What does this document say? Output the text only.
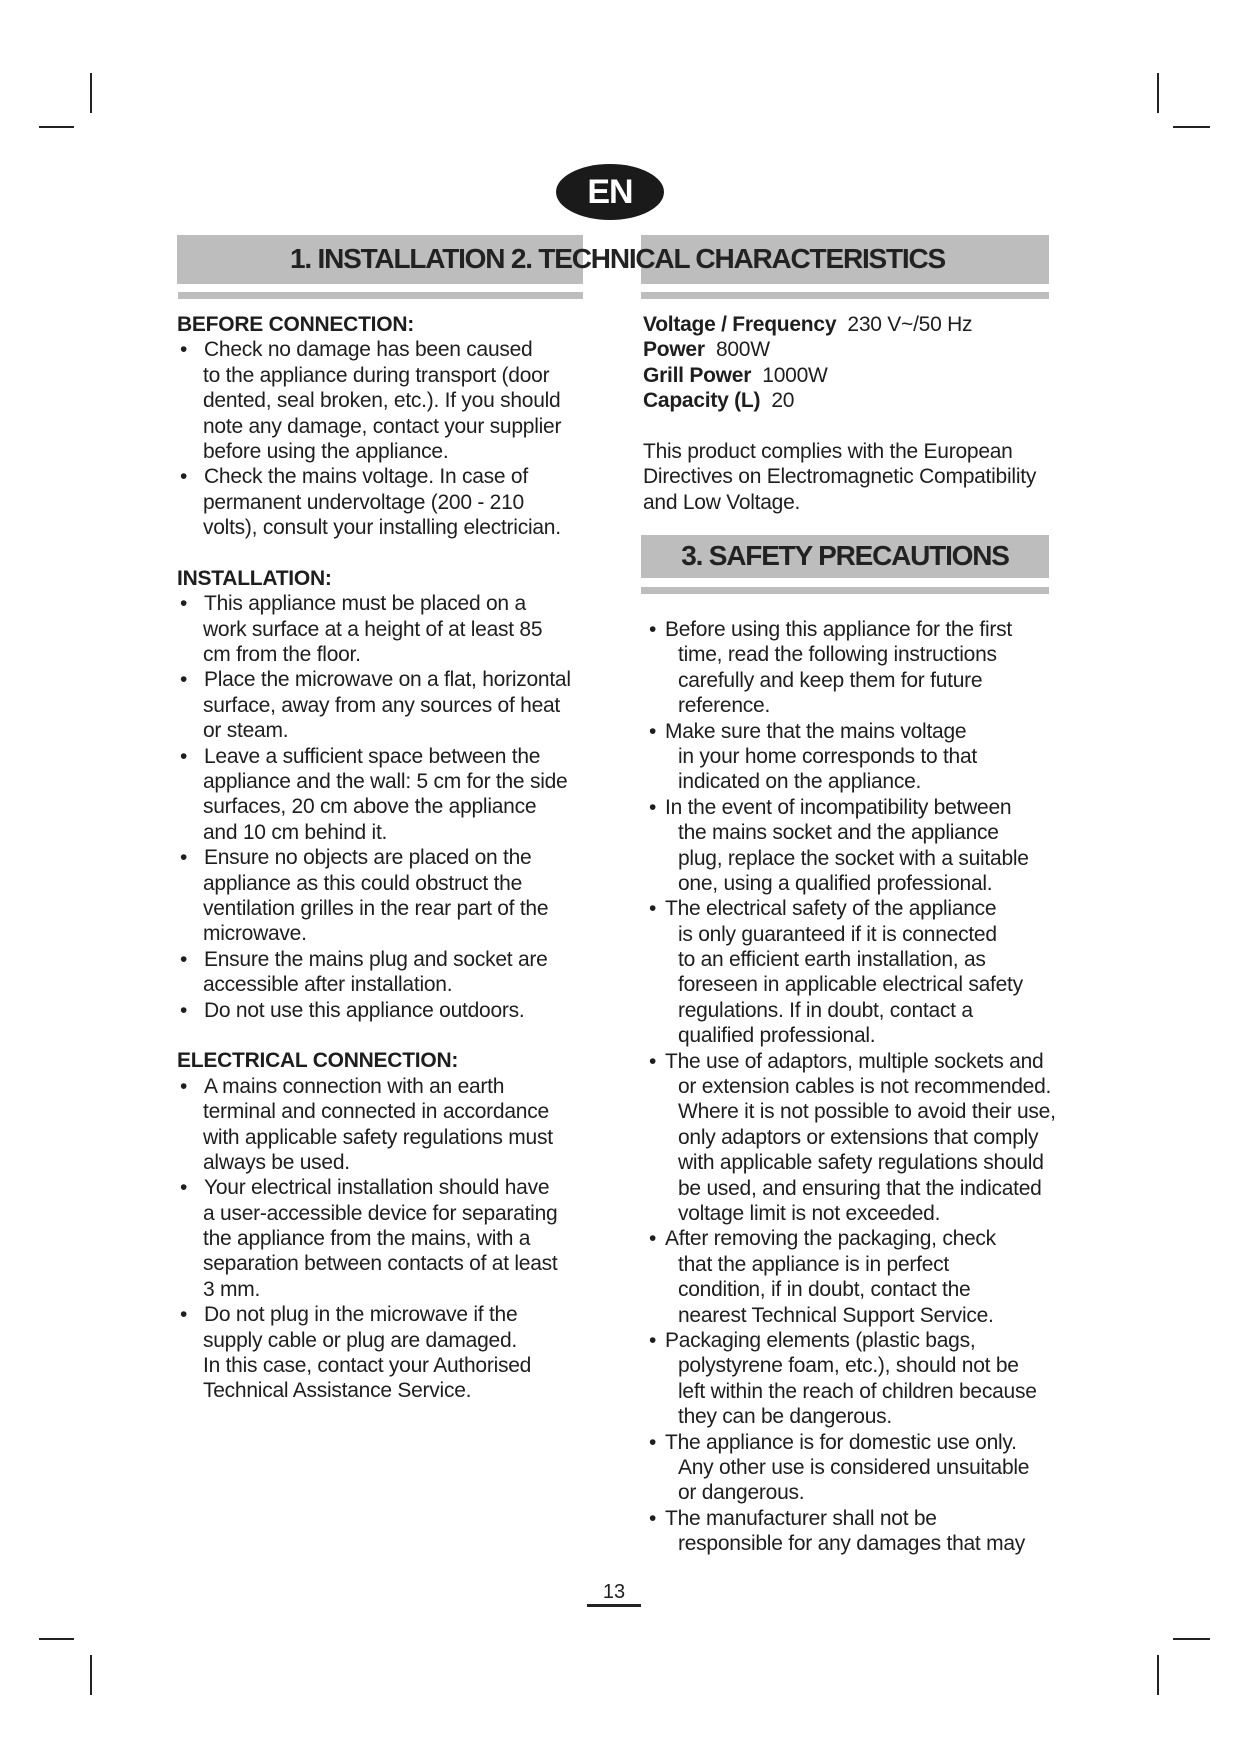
EN
1. INSTALLATION 2. TECHNICAL CHARACTERISTICS
3. SAFETY PRECAUTIONS
BEFORE CONNECTION:
• Check no damage has been caused
to the appliance during transport (door
dented, seal broken, etc.). If you should
note any damage, contact your supplier
before using the appliance.
• Check the mains voltage. In case of
permanent undervoltage (200 - 210
volts), consult your installing electrician.
INSTALLATION:
• This appliance must be placed on a
work surface at a height of at least 85
cm from the floor.
• Place the microwave on a flat, horizontal
surface, away from any sources of heat
or steam.
• Leave a sufficient space between the
appliance and the wall: 5 cm for the side
surfaces, 20 cm above the appliance
and 10 cm behind it.
• Ensure no objects are placed on the
appliance as this could obstruct the
ventilation grilles in the rear part of the
microwave.
• Ensure the mains plug and socket are
accessible after installation.
• Do not use this appliance outdoors.
ELECTRICAL CONNECTION:
• A mains connection with an earth
terminal and connected in accordance
with applicable safety regulations must
always be used.
• Your electrical installation should have
a user-accessible device for separating
the appliance from the mains, with a
separation between contacts of at least
3 mm.
• Do not plug in the microwave if the
supply cable or plug are damaged.
In this case, contact your Authorised
Technical Assistance Service.
Voltage / Frequency 230 V~/50 Hz
Power 800W
Grill Power 1000W
Capacity (L) 20
This product complies with the European
Directives on Electromagnetic Compatibility
and Low Voltage.
• Before using this appliance for the first
time, read the following instructions
carefully and keep them for future
reference.
• Make sure that the mains voltage
in your home corresponds to that
indicated on the appliance.
• In the event of incompatibility between
the mains socket and the appliance
plug, replace the socket with a suitable
one, using a qualified professional.
• The electrical safety of the appliance
is only guaranteed if it is connected
to an efficient earth installation, as
foreseen in applicable electrical safety
regulations. If in doubt, contact a
qualified professional.
• The use of adaptors, multiple sockets and
or extension cables is not recommended.
Where it is not possible to avoid their use,
only adaptors or extensions that comply
with applicable safety regulations should
be used, and ensuring that the indicated
voltage limit is not exceeded.
• After removing the packaging, check
that the appliance is in perfect
condition, if in doubt, contact the
nearest Technical Support Service.
• Packaging elements (plastic bags,
polystyrene foam, etc.), should not be
left within the reach of children because
they can be dangerous.
• The appliance is for domestic use only.
Any other use is considered unsuitable
or dangerous.
• The manufacturer shall not be
responsible for any damages that may
13
